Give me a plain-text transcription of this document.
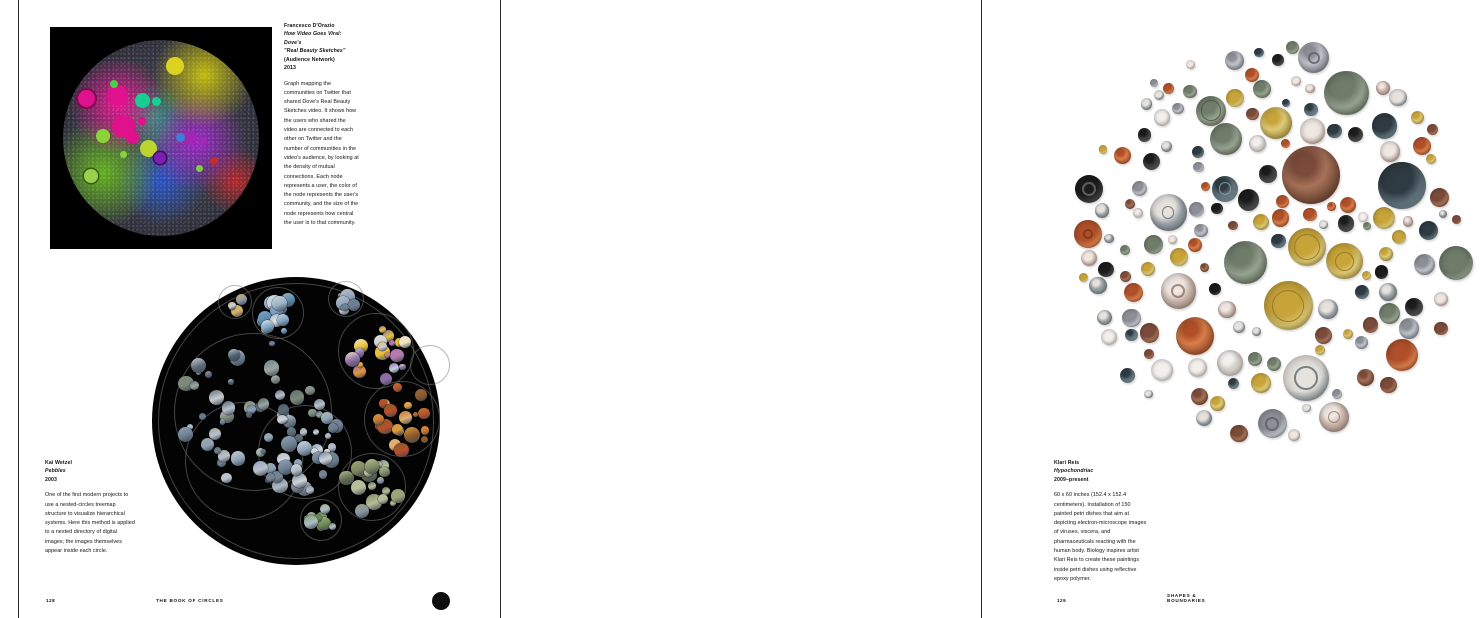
Francesco D'Orazio
How Video Goes Viral: Dove's
"Real Beauty Sketches"
(Audience Network)
2013
Graph mapping the communities on Twitter that shared Dove's Real Beauty Sketches video. It shows how the users who shared the video are connected to each other on Twitter and the number of communities in the video's audience, by looking at the density of mutual connections. Each node represents a user, the color of the node represents the user's community, and the size of the node represents how central the user is to that community.
Kai Wetzel
Pebbles
2003
One of the first modern projects to use a nested-circles treemap structure to visualize hierarchical systems. Here this method is applied to a nested directory of digital images; the images themselves appear inside each circle.
128	THE BOOK OF CIRCLES
Klari Reis
Hypochondriac
2009–present
60 x 60 inches (152.4 x 152.4 centimeters). Installation of 150 painted petri dishes that aim at depicting electron-microscope images of viruses, viscera, and pharmaceuticals reacting with the human body. Biology inspires artist Klari Reis to create these paintings inside petri dishes using reflective epoxy polymer.
129
SHAPES & BOUNDARIES
